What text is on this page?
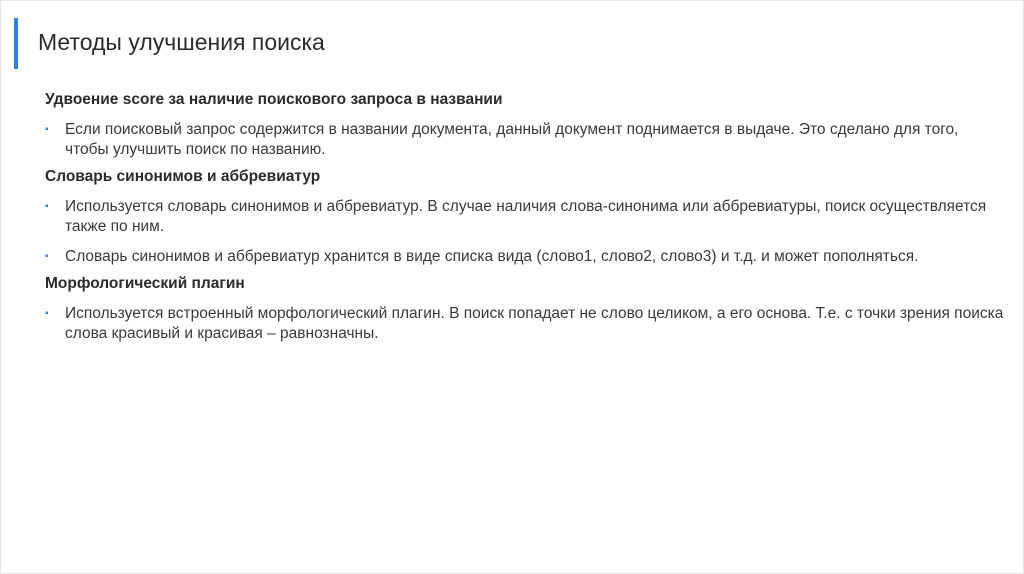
Методы улучшения поиска

Удвоение score за наличие поискового запроса в названии

▪ Если поисковый запрос содержится в названии документа, данный документ поднимается в выдаче. Это сделано для того, чтобы улучшить поиск по названию.

Словарь синонимов и аббревиатур

▪ Используется словарь синонимов и аббревиатур. В случае наличия слова-синонима или аббревиатуры, поиск осуществляется также по ним.
▪ Словарь синонимов и аббревиатур хранится в виде списка вида (слово1, слово2, слово3) и т.д. и может пополняться.

Морфологический плагин

▪ Используется встроенный морфологический плагин. В поиск попадает не слово целиком, а его основа. Т.е. с точки зрения поиска слова красивый и красивая – равнозначны.
